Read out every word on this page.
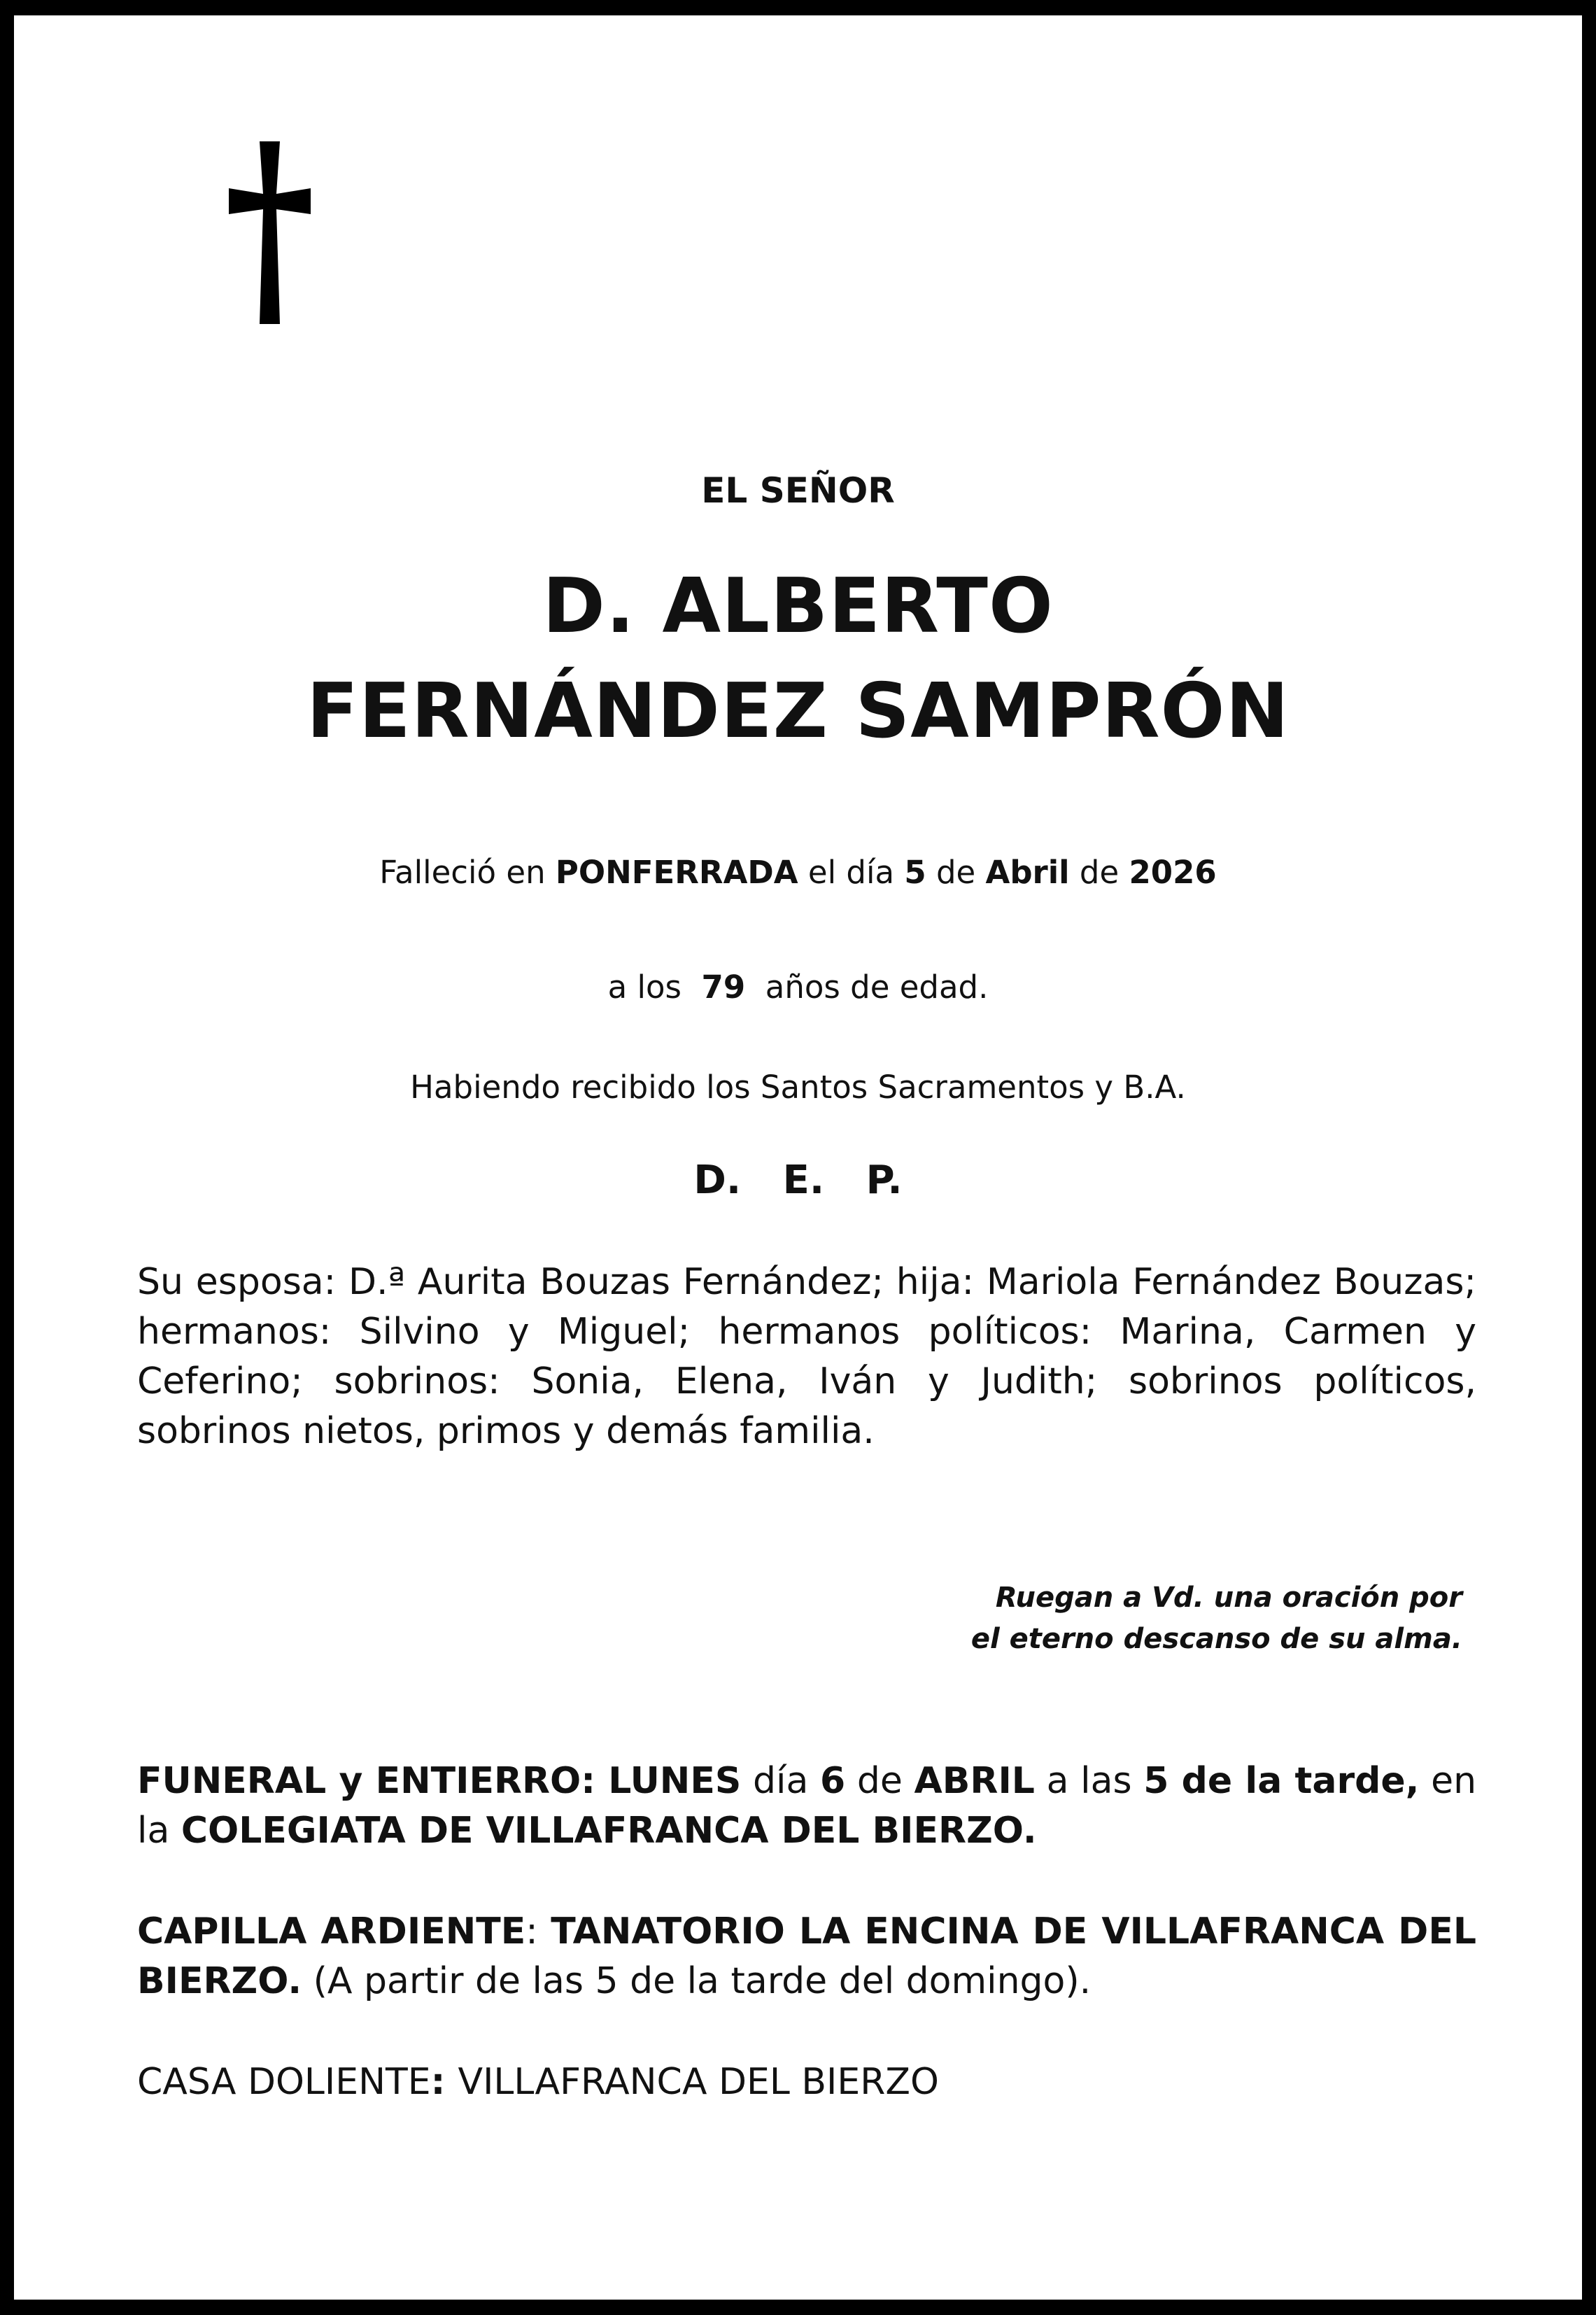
EL SEÑOR
D. ALBERTO
FERNÁNDEZ SAMPRÓN
Falleció en PONFERRADA el día 5 de Abril de 2026
a los  79  años de edad.
Habiendo recibido los Santos Sacramentos y B.A.
D. E. P.
Su esposa: D.ª Aurita Bouzas Fernández; hija: Mariola Fernández Bouzas; hermanos: Silvino y Miguel; hermanos políticos: Marina, Carmen y Ceferino; sobrinos: Sonia, Elena, Iván y Judith; sobrinos políticos, sobrinos nietos, primos y demás familia.
Ruegan a Vd. una oración por
el eterno descanso de su alma.
FUNERAL y ENTIERRO: LUNES día 6 de ABRIL a las 5 de la tarde, en la COLEGIATA DE VILLAFRANCA DEL BIERZO.
CAPILLA ARDIENTE: TANATORIO LA ENCINA DE VILLAFRANCA DEL BIERZO. (A partir de las 5 de la tarde del domingo).
CASA DOLIENTE: VILLAFRANCA DEL BIERZO
